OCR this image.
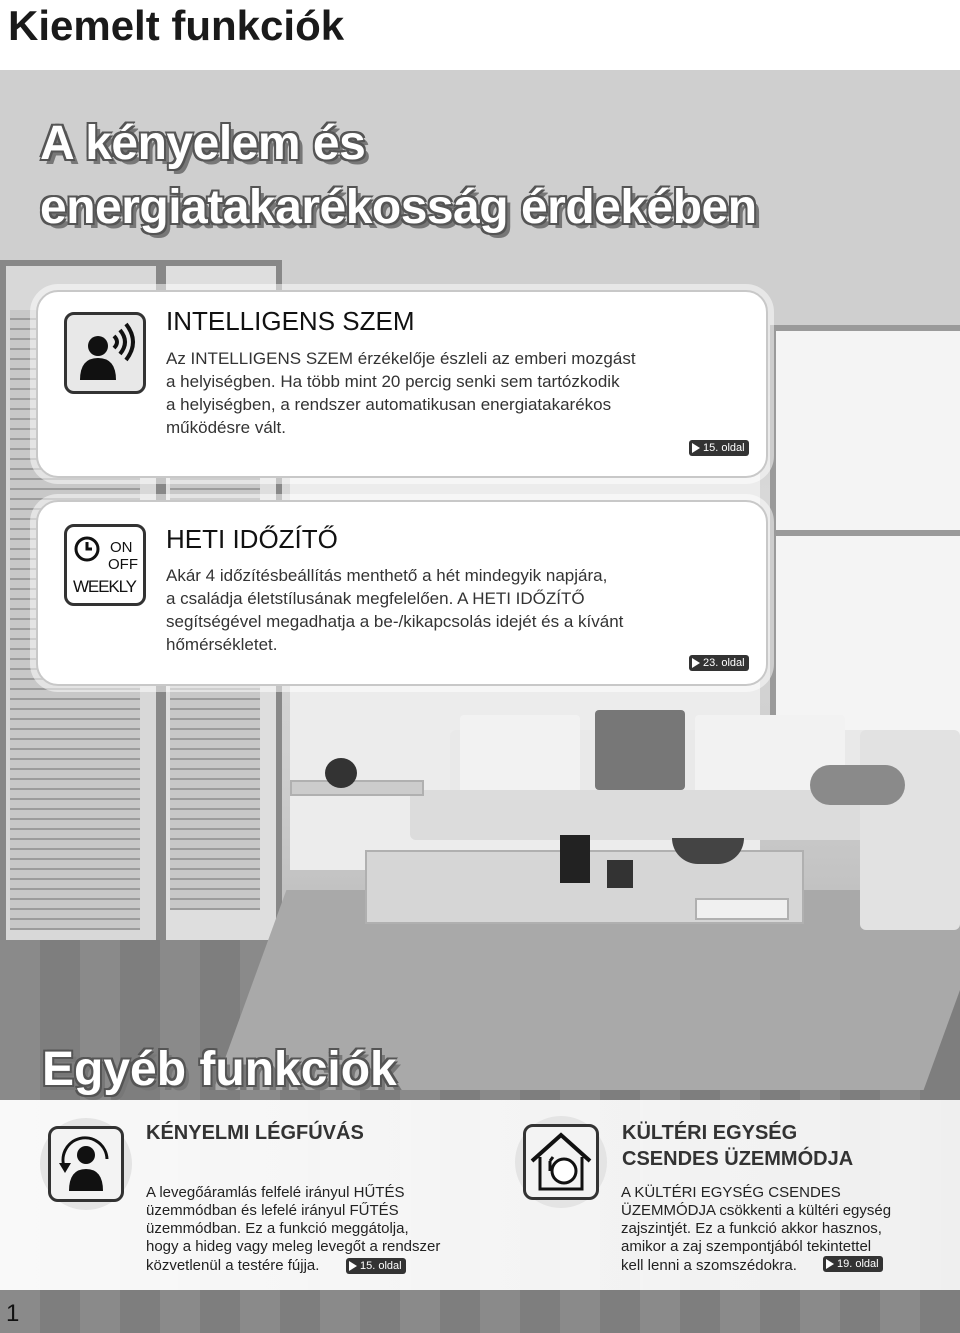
Kiemelt funkciók
A kényelem és
energiatakarékosság érdekében
INTELLIGENS SZEM

Az INTELLIGENS SZEM érzékelője észleli az emberi mozgást

a helyiségben. Ha több mint 20 percig senki sem tartózkodik

a helyiségben, a rendszer automatikusan energiatakarékos

működésre vált.

15. oldal
ON
OFF
WEEKLY
HETI IDŐZÍTŐ

Akár 4 időzítésbeállítás menthető a hét mindegyik napjára,

a családja életstílusának megfelelően. A HETI IDŐZÍTŐ

segítségével megadhatja a be-/kikapcsolás idejét és a kívánt

hőmérsékletet.

23. oldal
Egyéb funkciók
KÉNYELMI LÉGFÚVÁS

A levegőáramlás felfelé irányul HŰTÉS

üzemmódban és lefelé irányul FŰTÉS

üzemmódban. Ez a funkció meggátolja,

hogy a hideg vagy meleg levegőt a rendszer

közvetlenül a testére fújja.	15. oldal
KÜLTÉRI EGYSÉG
CSENDES ÜZEMMÓDJA

A KÜLTÉRI EGYSÉG CSENDES

ÜZEMMÓDJA csökkenti a kültéri egység

zajszintjét. Ez a funkció akkor hasznos,

amikor a zaj szempontjából tekintettel

kell lenni a szomszédokra.	19. oldal
1
